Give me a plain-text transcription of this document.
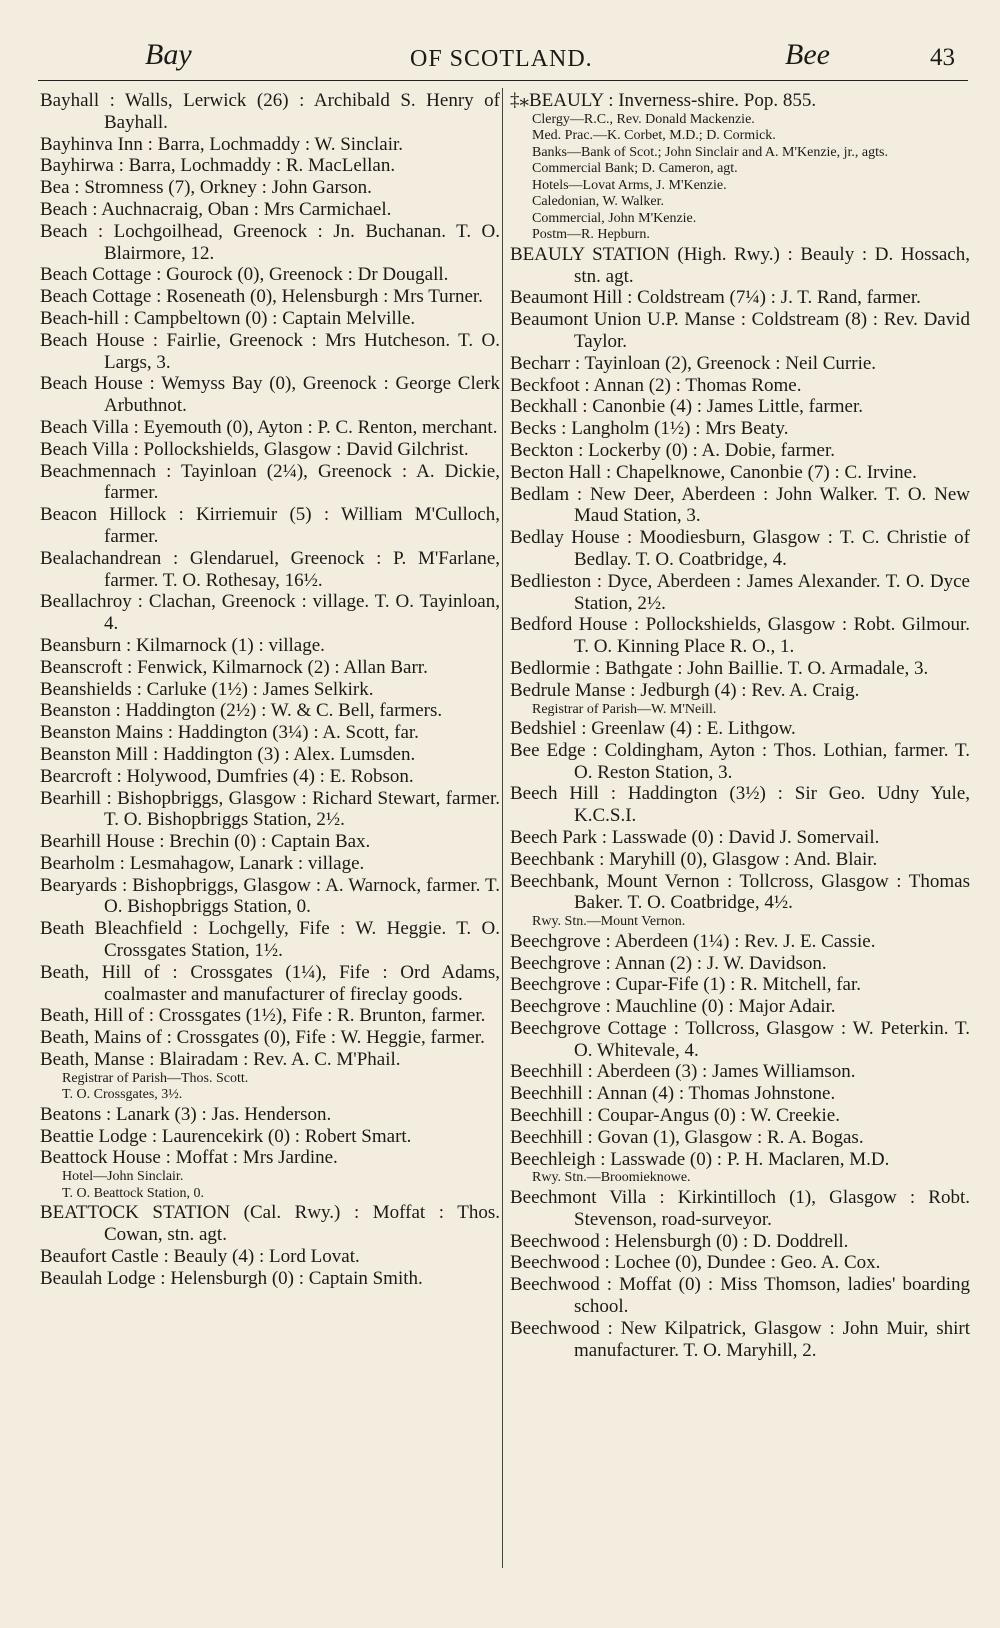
Bay	OF SCOTLAND.	Bee	43
Bayhall : Walls, Lerwick (26) : Archibald S. Henry of Bayhall.
Bayhinva Inn : Barra, Lochmaddy : W. Sinclair.
Bayhirwa : Barra, Lochmaddy : R. MacLellan.
Bea : Stromness (7), Orkney : John Garson.
Beach : Auchnacraig, Oban : Mrs Carmichael.
Beach : Lochgoilhead, Greenock : Jn. Buchanan. T. O. Blairmore, 12.
Beach Cottage : Gourock (0), Greenock : Dr Dougall.
Beach Cottage : Roseneath (0), Helensburgh : Mrs Turner.
Beach-hill : Campbeltown (0) : Captain Melville.
Beach House : Fairlie, Greenock : Mrs Hutcheson. T. O. Largs, 3.
Beach House : Wemyss Bay (0), Greenock : George Clerk Arbuthnot.
Beach Villa : Eyemouth (0), Ayton : P. C. Renton, merchant.
Beach Villa : Pollockshields, Glasgow : David Gilchrist.
Beachmennach : Tayinloan (2¼), Greenock : A. Dickie, farmer.
Beacon Hillock : Kirriemuir (5) : William M'Culloch, farmer.
Bealachandrean : Glendaruel, Greenock : P. M'Farlane, farmer. T. O. Rothesay, 16½.
Beallachroy : Clachan, Greenock : village. T. O. Tayinloan, 4.
Beansburn : Kilmarnock (1) : village.
Beanscroft : Fenwick, Kilmarnock (2) : Allan Barr.
Beanshields : Carluke (1½) : James Selkirk.
Beanston : Haddington (2½) : W. & C. Bell, farmers.
Beanston Mains : Haddington (3¼) : A. Scott, far.
Beanston Mill : Haddington (3) : Alex. Lumsden.
Bearcroft : Holywood, Dumfries (4) : E. Robson.
Bearhill : Bishopbriggs, Glasgow : Richard Stewart, farmer. T. O. Bishopbriggs Station, 2½.
Bearhill House : Brechin (0) : Captain Bax.
Bearholm : Lesmahagow, Lanark : village.
Bearyards : Bishopbriggs, Glasgow : A. Warnock, farmer. T. O. Bishopbriggs Station, 0.
Beath Bleachfield : Lochgelly, Fife : W. Heggie. T. O. Crossgates Station, 1½.
Beath, Hill of : Crossgates (1¼), Fife : Ord Adams, coalmaster and manufacturer of fireclay goods.
Beath, Hill of : Crossgates (1½), Fife : R. Brunton, farmer.
Beath, Mains of : Crossgates (0), Fife : W. Heggie, farmer.
Beath, Manse : Blairadam : Rev. A. C. M'Phail.
Registrar of Parish—Thos. Scott.
T. O. Crossgates, 3½.
Beatons : Lanark (3) : Jas. Henderson.
Beattie Lodge : Laurencekirk (0) : Robert Smart.
Beattock House : Moffat : Mrs Jardine.
Hotel—John Sinclair.
T. O. Beattock Station, 0.
BEATTOCK STATION (Cal. Rwy.) : Moffat : Thos. Cowan, stn. agt.
Beaufort Castle : Beauly (4) : Lord Lovat.
Beaulah Lodge : Helensburgh (0) : Captain Smith.
‡⁎BEAULY : Inverness-shire. Pop. 855.
Clergy—R.C., Rev. Donald Mackenzie.
Med. Prac.—K. Corbet, M.D.; D. Cormick.
Banks—Bank of Scot.; John Sinclair and A. M'Kenzie, jr., agts.
Commercial Bank; D. Cameron, agt.
Hotels—Lovat Arms, J. M'Kenzie.
Caledonian, W. Walker.
Commercial, John M'Kenzie.
Postm—R. Hepburn.
BEAULY STATION (High. Rwy.) : Beauly : D. Hossach, stn. agt.
Beaumont Hill : Coldstream (7¼) : J. T. Rand, farmer.
Beaumont Union U.P. Manse : Coldstream (8) : Rev. David Taylor.
Becharr : Tayinloan (2), Greenock : Neil Currie.
Beckfoot : Annan (2) : Thomas Rome.
Beckhall : Canonbie (4) : James Little, farmer.
Becks : Langholm (1½) : Mrs Beaty.
Beckton : Lockerby (0) : A. Dobie, farmer.
Becton Hall : Chapelknowe, Canonbie (7) : C. Irvine.
Bedlam : New Deer, Aberdeen : John Walker. T. O. New Maud Station, 3.
Bedlay House : Moodiesburn, Glasgow : T. C. Christie of Bedlay. T. O. Coatbridge, 4.
Bedlieston : Dyce, Aberdeen : James Alexander. T. O. Dyce Station, 2½.
Bedford House : Pollockshields, Glasgow : Robt. Gilmour. T. O. Kinning Place R. O., 1.
Bedlormie : Bathgate : John Baillie. T. O. Armadale, 3.
Bedrule Manse : Jedburgh (4) : Rev. A. Craig.
Registrar of Parish—W. M'Neill.
Bedshiel : Greenlaw (4) : E. Lithgow.
Bee Edge : Coldingham, Ayton : Thos. Lothian, farmer. T. O. Reston Station, 3.
Beech Hill : Haddington (3½) : Sir Geo. Udny Yule, K.C.S.I.
Beech Park : Lasswade (0) : David J. Somervail.
Beechbank : Maryhill (0), Glasgow : And. Blair.
Beechbank, Mount Vernon : Tollcross, Glasgow : Thomas Baker. T. O. Coatbridge, 4½.
Rwy. Stn.—Mount Vernon.
Beechgrove : Aberdeen (1¼) : Rev. J. E. Cassie.
Beechgrove : Annan (2) : J. W. Davidson.
Beechgrove : Cupar-Fife (1) : R. Mitchell, far.
Beechgrove : Mauchline (0) : Major Adair.
Beechgrove Cottage : Tollcross, Glasgow : W. Peterkin. T. O. Whitevale, 4.
Beechhill : Aberdeen (3) : James Williamson.
Beechhill : Annan (4) : Thomas Johnstone.
Beechhill : Coupar-Angus (0) : W. Creekie.
Beechhill : Govan (1), Glasgow : R. A. Bogas.
Beechleigh : Lasswade (0) : P. H. Maclaren, M.D.
Rwy. Stn.—Broomieknowe.
Beechmont Villa : Kirkintilloch (1), Glasgow : Robt. Stevenson, road-surveyor.
Beechwood : Helensburgh (0) : D. Doddrell.
Beechwood : Lochee (0), Dundee : Geo. A. Cox.
Beechwood : Moffat (0) : Miss Thomson, ladies' boarding school.
Beechwood : New Kilpatrick, Glasgow : John Muir, shirt manufacturer. T. O. Maryhill, 2.
